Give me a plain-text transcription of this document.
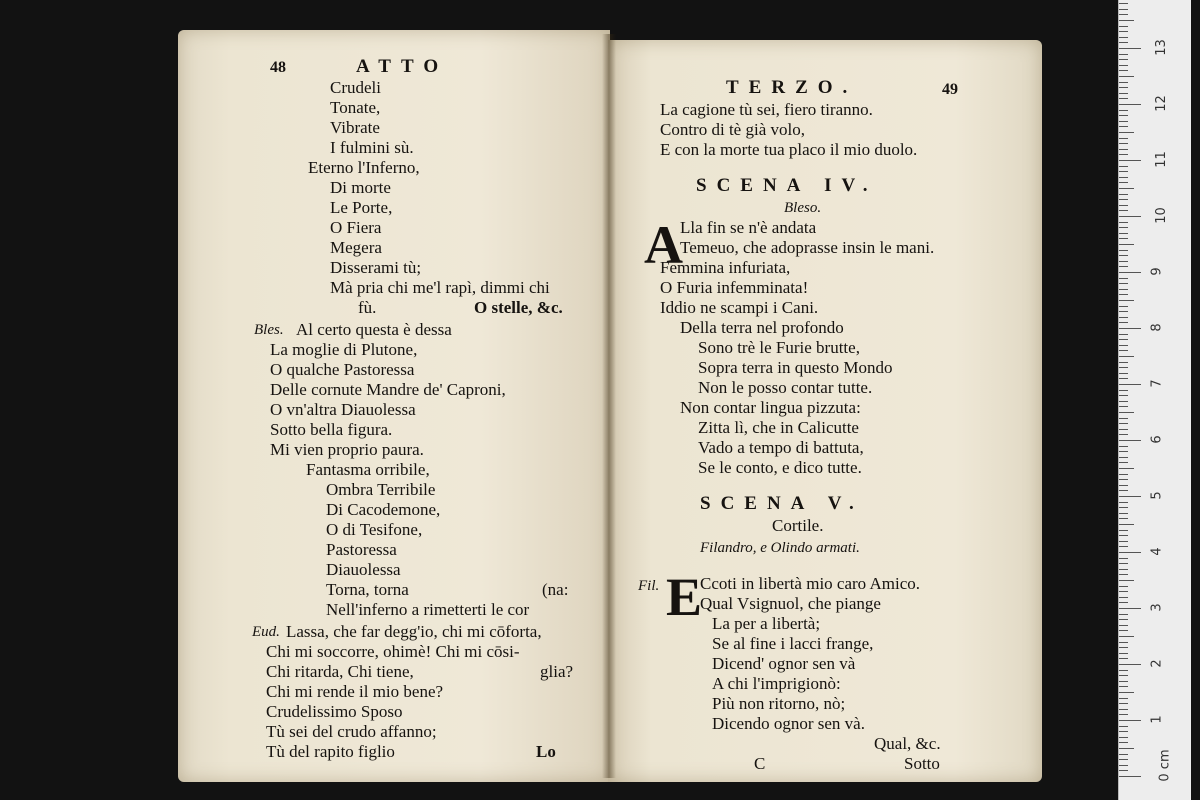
48	ATTO
Crudeli
Tonate,
Vibrate
I fulmini sù.
Eterno l'Inferno,
Di morte
Le Porte,
O Fiera
Megera
Disserami tù;
Mà pria chi me'l rapì, dimmi chi
fù.	O stelle, &c.
Bles. Al certo questa è dessa
La moglie di Plutone,
O qualche Pastoressa
Delle cornute Mandre de' Caproni,
O vn'altra Diauolessa
Sotto bella figura.
Mi vien proprio paura.
Fantasma orribile,
Ombra Terribile
Di Cacodemone,
O di Tesifone,
Pastoressa
Diauolessa
Torna, torna	(na:
Nell'inferno a rimetterti le cor
Eud. Lassa, che far degg'io, chi mi cōforta,
Chi mi soccorre, ohimè! Chi mi cōsi-
Chi ritarda, Chi tiene,	glia?
Chi mi rende il mio bene?
Crudelissimo Sposo
Tù sei del crudo affanno;
Tù del rapito figlio	Lo
TERZO.	49
La cagione tù sei, fiero tiranno.
Contro di tè già volo,
E con la morte tua placo il mio duolo.
SCENA IV.
Bleso.
A
Lla fin se n'è andata
Temeuo, che adoprasse insin le mani.
Femmina infuriata,
O Furia infemminata!
Iddio ne scampi i Cani.
Della terra nel profondo
Sono trè le Furie brutte,
Sopra terra in questo Mondo
Non le posso contar tutte.
Non contar lingua pizzuta:
Zitta lì, che in Calicutte
Vado a tempo di battuta,
Se le conto, e dico tutte.
SCENA V.
Cortile.
Filandro, e Olindo armati.
Fil. E
Ccoti in libertà mio caro Amico.
Qual Vsignuol, che piange
La per a libertà;
Se al fine i lacci frange,
Dicend' ognor sen và
A chi l'imprigionò:
Più non ritorno, nò;
Dicendo ognor sen và.
Qual, &c.
C	Sotto	0 cm
1
2
3
4
5
6
7
8
9
10
11
12
13
